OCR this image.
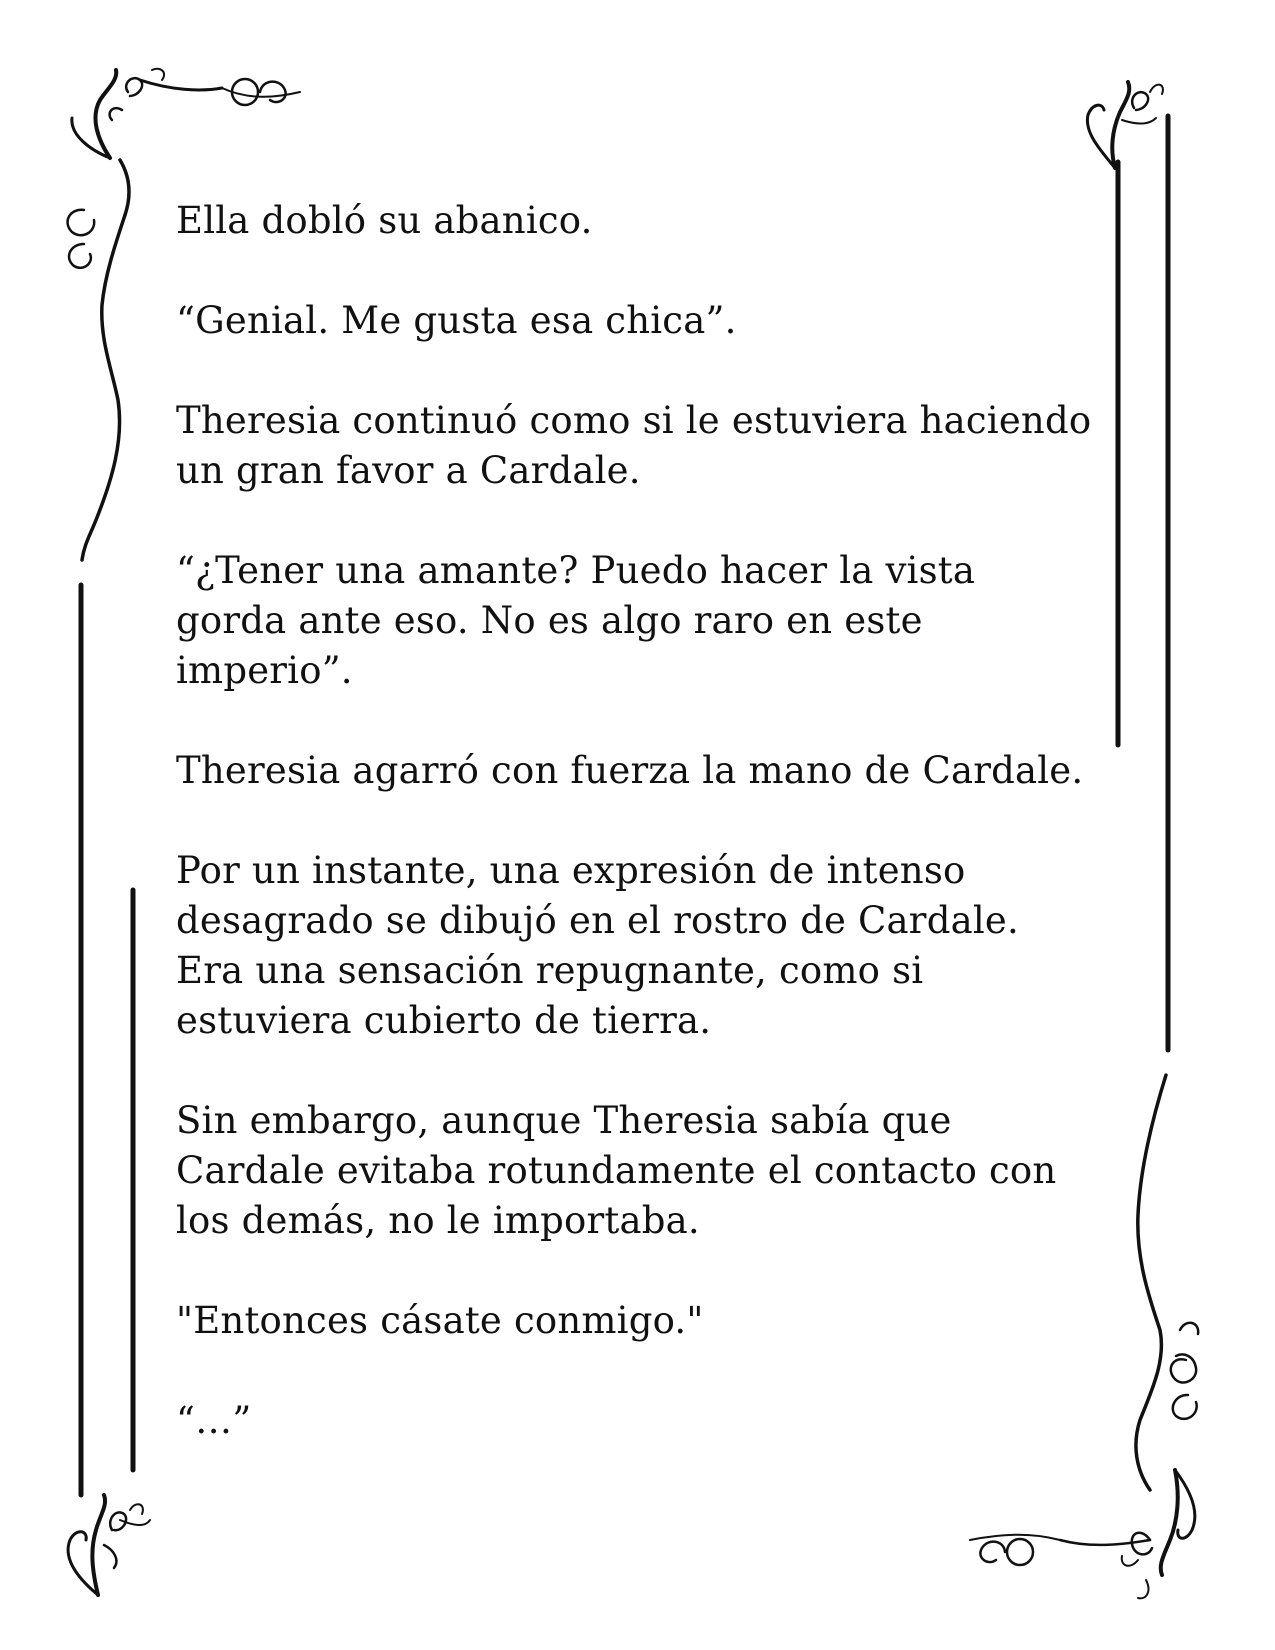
Ella dobló su abanico.

“Genial. Me gusta esa chica”.

Theresia continuó como si le estuviera haciendo
un gran favor a Cardale.

“¿Tener una amante? Puedo hacer la vista
gorda ante eso. No es algo raro en este
imperio”.

Theresia agarró con fuerza la mano de Cardale.

Por un instante, una expresión de intenso
desagrado se dibujó en el rostro de Cardale.
Era una sensación repugnante, como si
estuviera cubierto de tierra.

Sin embargo, aunque Theresia sabía que
Cardale evitaba rotundamente el contacto con
los demás, no le importaba.

"Entonces cásate conmigo."

“…”
